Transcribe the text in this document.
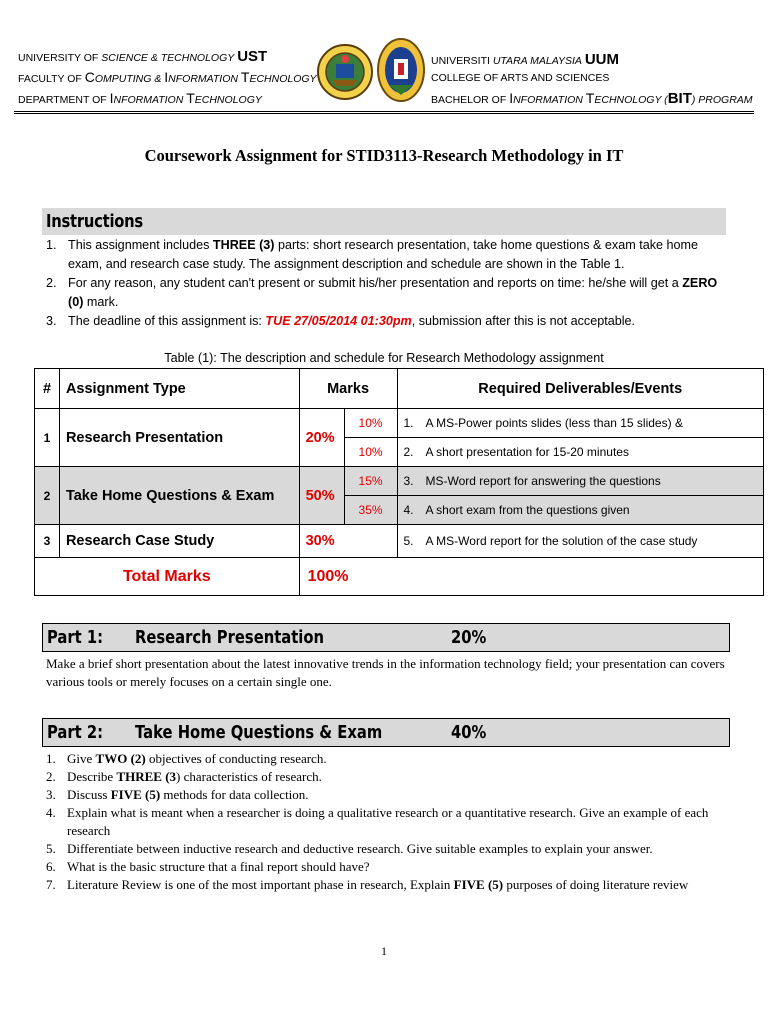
UNIVERSITY OF SCIENCE & TECHNOLOGY UST
FACULTY OF COMPUTING & INFORMATION TECHNOLOGY
DEPARTMENT OF INFORMATION TECHNOLOGY
UNIVERSITI UTARA MALAYSIA UUM
COLLEGE OF ARTS AND SCIENCES
BACHELOR OF INFORMATION TECHNOLOGY (BIT) PROGRAM
Coursework Assignment for STID3113-Research Methodology in IT
Instructions
1. This assignment includes THREE (3) parts: short research presentation, take home questions & exam take home exam, and research case study. The assignment description and schedule are shown in the Table 1.
2. For any reason, any student can't present or submit his/her presentation and reports on time: he/she will get a ZERO (0) mark.
3. The deadline of this assignment is: TUE 27/05/2014 01:30pm, submission after this is not acceptable.
Table (1): The description and schedule for Research Methodology assignment
#	Assignment Type	Marks		Required Deliverables/Events
1	Research Presentation	20%	10%	1. A MS-Power points slides (less than 15 slides) &
			10%	2. A short presentation for 15-20 minutes
2	Take Home Questions & Exam	50%	15%	3. MS-Word report for answering the questions
			35%	4. A short exam from the questions given
3	Research Case Study	30%		5. A MS-Word report for the solution of the case study
Total Marks		100%		
Part 1: Research Presentation	20%
Make a brief short presentation about the latest innovative trends in the information technology field; your presentation can covers various tools or merely focuses on a certain single one.
Part 2: Take Home Questions & Exam	40%
1. Give TWO (2) objectives of conducting research.
2. Describe THREE (3) characteristics of research.
3. Discuss FIVE (5) methods for data collection.
4. Explain what is meant when a researcher is doing a qualitative research or a quantitative research. Give an example of each research
5. Differentiate between inductive research and deductive research. Give suitable examples to explain your answer.
6. What is the basic structure that a final report should have?
7. Literature Review is one of the most important phase in research, Explain FIVE (5) purposes of doing literature review
1
